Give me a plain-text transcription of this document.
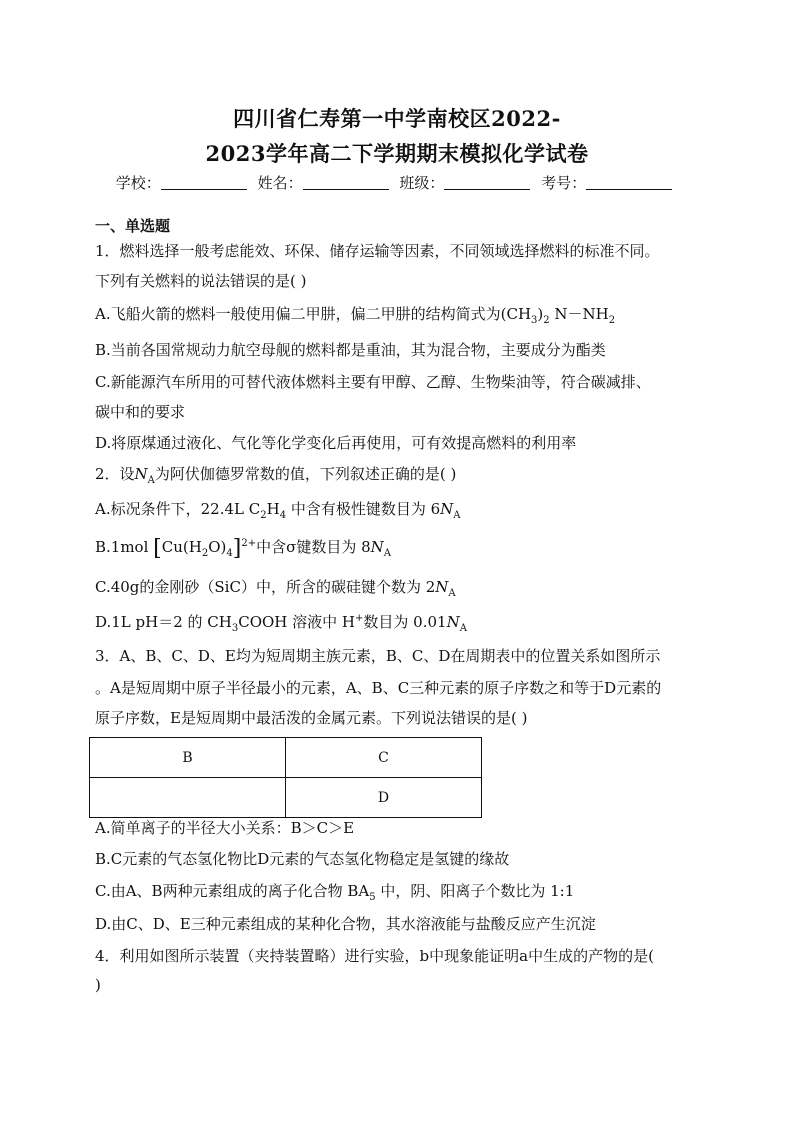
四川省仁寿第一中学南校区2022-
2023学年高二下学期期末模拟化学试卷
学校：	姓名：	班级：	考号：
一、单选题
1．燃料选择一般考虑能效、环保、储存运输等因素，不同领域选择燃料的标准不同。
下列有关燃料的说法错误的是( )
A.飞船火箭的燃料一般使用偏二甲肼，偏二甲肼的结构简式为$(CH_3)_2$ $N-NH_2$
B.当前各国常规动力航空母舰的燃料都是重油，其为混合物，主要成分为酯类
C.新能源汽车所用的可替代液体燃料主要有甲醇、乙醇、生物柴油等，符合碳减排、
碳中和的要求
D.将原煤通过液化、气化等化学变化后再使用，可有效提高燃料的利用率
2．设$N_A$为阿伏伽德罗常数的值，下列叙述正确的是( )
A.标况条件下，22.4L $C_2H_4$ 中含有极性键数目为 $6N_A$
B.1mol $[Cu(H_2O)_4]^{2+}$中含σ键数目为 $8N_A$
C.40g的金刚砂（SiC）中，所含的碳硅键个数为 $2N_A$
D.1L pH＝2 的 $CH_3COOH$ 溶液中 H+数目为 $0.01N_A$
3．A、B、C、D、E均为短周期主族元素，B、C、D在周期表中的位置关系如图所示
。A是短周期中原子半径最小的元素，A、B、C三种元素的原子序数之和等于D元素的
原子序数，E是短周期中最活泼的金属元素。下列说法错误的是( )
B	C
	D
A.简单离子的半径大小关系：B＞C＞E
B.C元素的气态氢化物比D元素的气态氢化物稳定是氢键的缘故
C.由A、B两种元素组成的离子化合物 $BA_5$ 中，阴、阳离子个数比为 1:1
D.由C、D、E三种元素组成的某种化合物，其水溶液能与盐酸反应产生沉淀
4．利用如图所示装置（夹持装置略）进行实验，b中现象能证明a中生成的产物的是(
)
